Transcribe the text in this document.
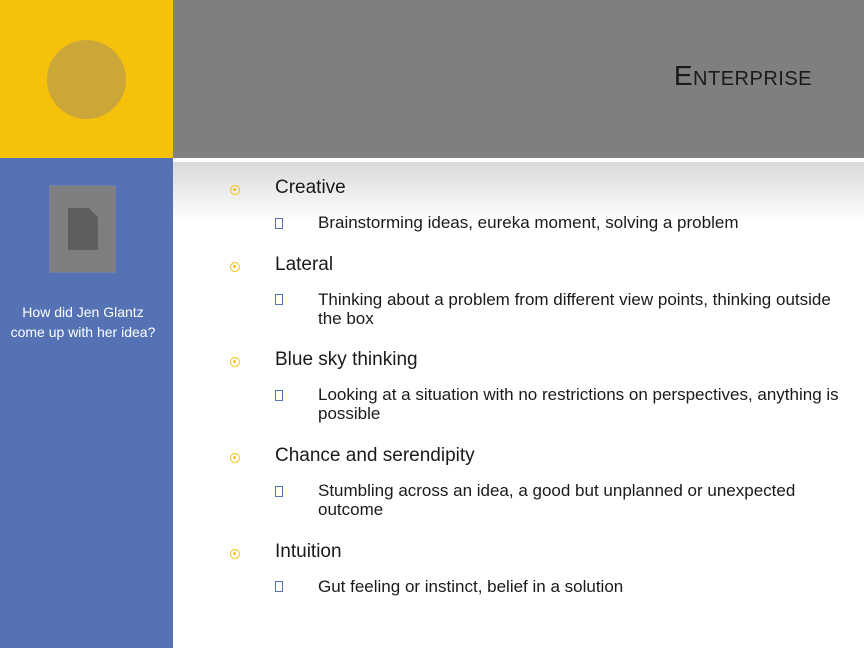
ENTERPRISE
How did Jen Glantz come up with her idea?
Creative
Brainstorming ideas, eureka moment, solving a problem
Lateral
Thinking about a problem from different view points, thinking outside the box
Blue sky thinking
Looking at a situation with no restrictions on perspectives, anything is possible
Chance and serendipity
Stumbling across an idea, a good but unplanned or unexpected outcome
Intuition
Gut feeling or instinct, belief in a solution
